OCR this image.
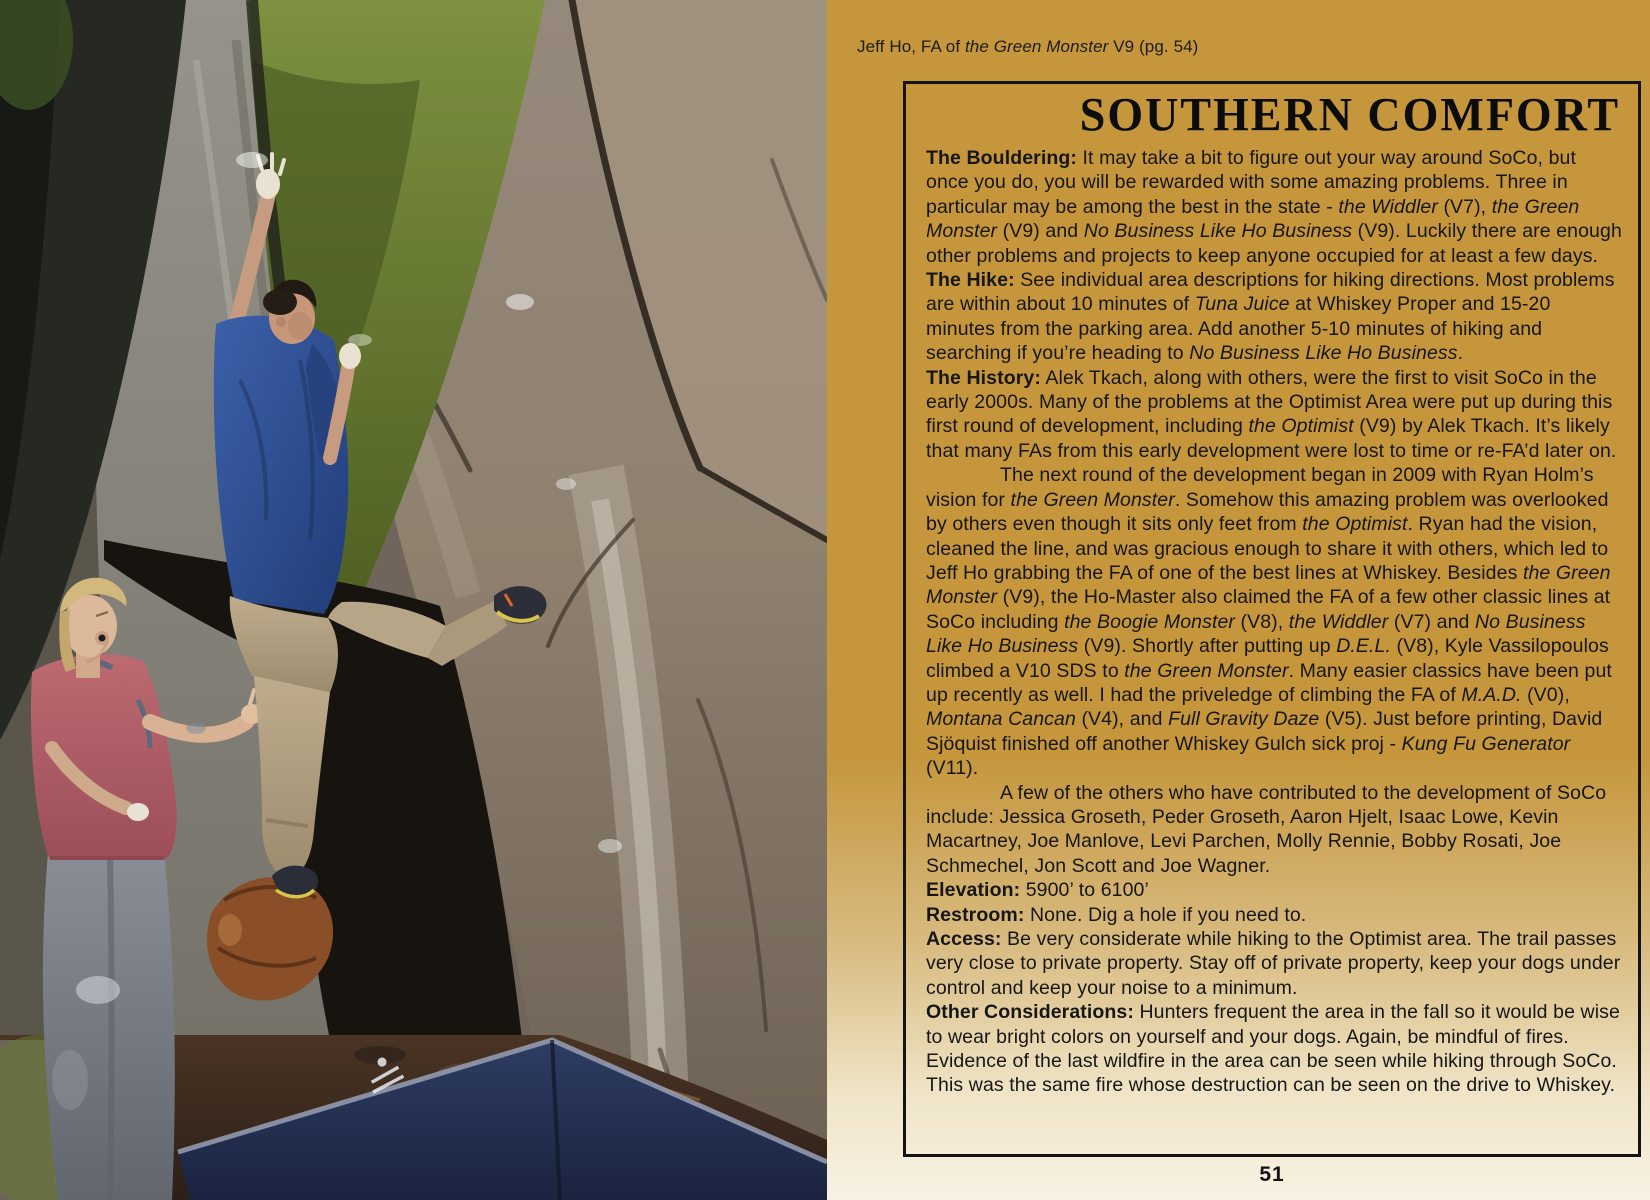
Jeff Ho, FA of the Green Monster V9 (pg. 54)
SOUTHERN COMFORT

The Bouldering: It may take a bit to figure out your way around SoCo, but once you do, you will be rewarded with some amazing problems. Three in particular may be among the best in the state - the Widdler (V7), the Green Monster (V9) and No Business Like Ho Business (V9). Luckily there are enough other problems and projects to keep anyone occupied for at least a few days.

The Hike: See individual area descriptions for hiking directions. Most problems are within about 10 minutes of Tuna Juice at Whiskey Proper and 15-20 minutes from the parking area. Add another 5-10 minutes of hiking and searching if you’re heading to No Business Like Ho Business.

The History: Alek Tkach, along with others, were the first to visit SoCo in the early 2000s. Many of the problems at the Optimist Area were put up during this first round of development, including the Optimist (V9) by Alek Tkach. It’s likely that many FAs from this early development were lost to time or re-FA’d later on.

The next round of the development began in 2009 with Ryan Holm’s vision for the Green Monster. Somehow this amazing problem was overlooked by others even though it sits only feet from the Optimist. Ryan had the vision, cleaned the line, and was gracious enough to share it with others, which led to Jeff Ho grabbing the FA of one of the best lines at Whiskey. Besides the Green Monster (V9), the Ho-Master also claimed the FA of a few other classic lines at SoCo including the Boogie Monster (V8), the Widdler (V7) and No Business Like Ho Business (V9). Shortly after putting up D.E.L. (V8), Kyle Vassilopoulos climbed a V10 SDS to the Green Monster. Many easier classics have been put up recently as well. I had the priveledge of climbing the FA of M.A.D. (V0), Montana Cancan (V4), and Full Gravity Daze (V5). Just before printing, David Sjöquist finished off another Whiskey Gulch sick proj - Kung Fu Generator (V11).

A few of the others who have contributed to the development of SoCo include: Jessica Groseth, Peder Groseth, Aaron Hjelt, Isaac Lowe, Kevin Macartney, Joe Manlove, Levi Parchen, Molly Rennie, Bobby Rosati, Joe Schmechel, Jon Scott and Joe Wagner.

Elevation: 5900’ to 6100’

Restroom: None. Dig a hole if you need to.

Access: Be very considerate while hiking to the Optimist area. The trail passes very close to private property. Stay off of private property, keep your dogs under control and keep your noise to a minimum.

Other Considerations: Hunters frequent the area in the fall so it would be wise to wear bright colors on yourself and your dogs. Again, be mindful of fires. Evidence of the last wildfire in the area can be seen while hiking through SoCo. This was the same fire whose destruction can be seen on the drive to Whiskey.

51
